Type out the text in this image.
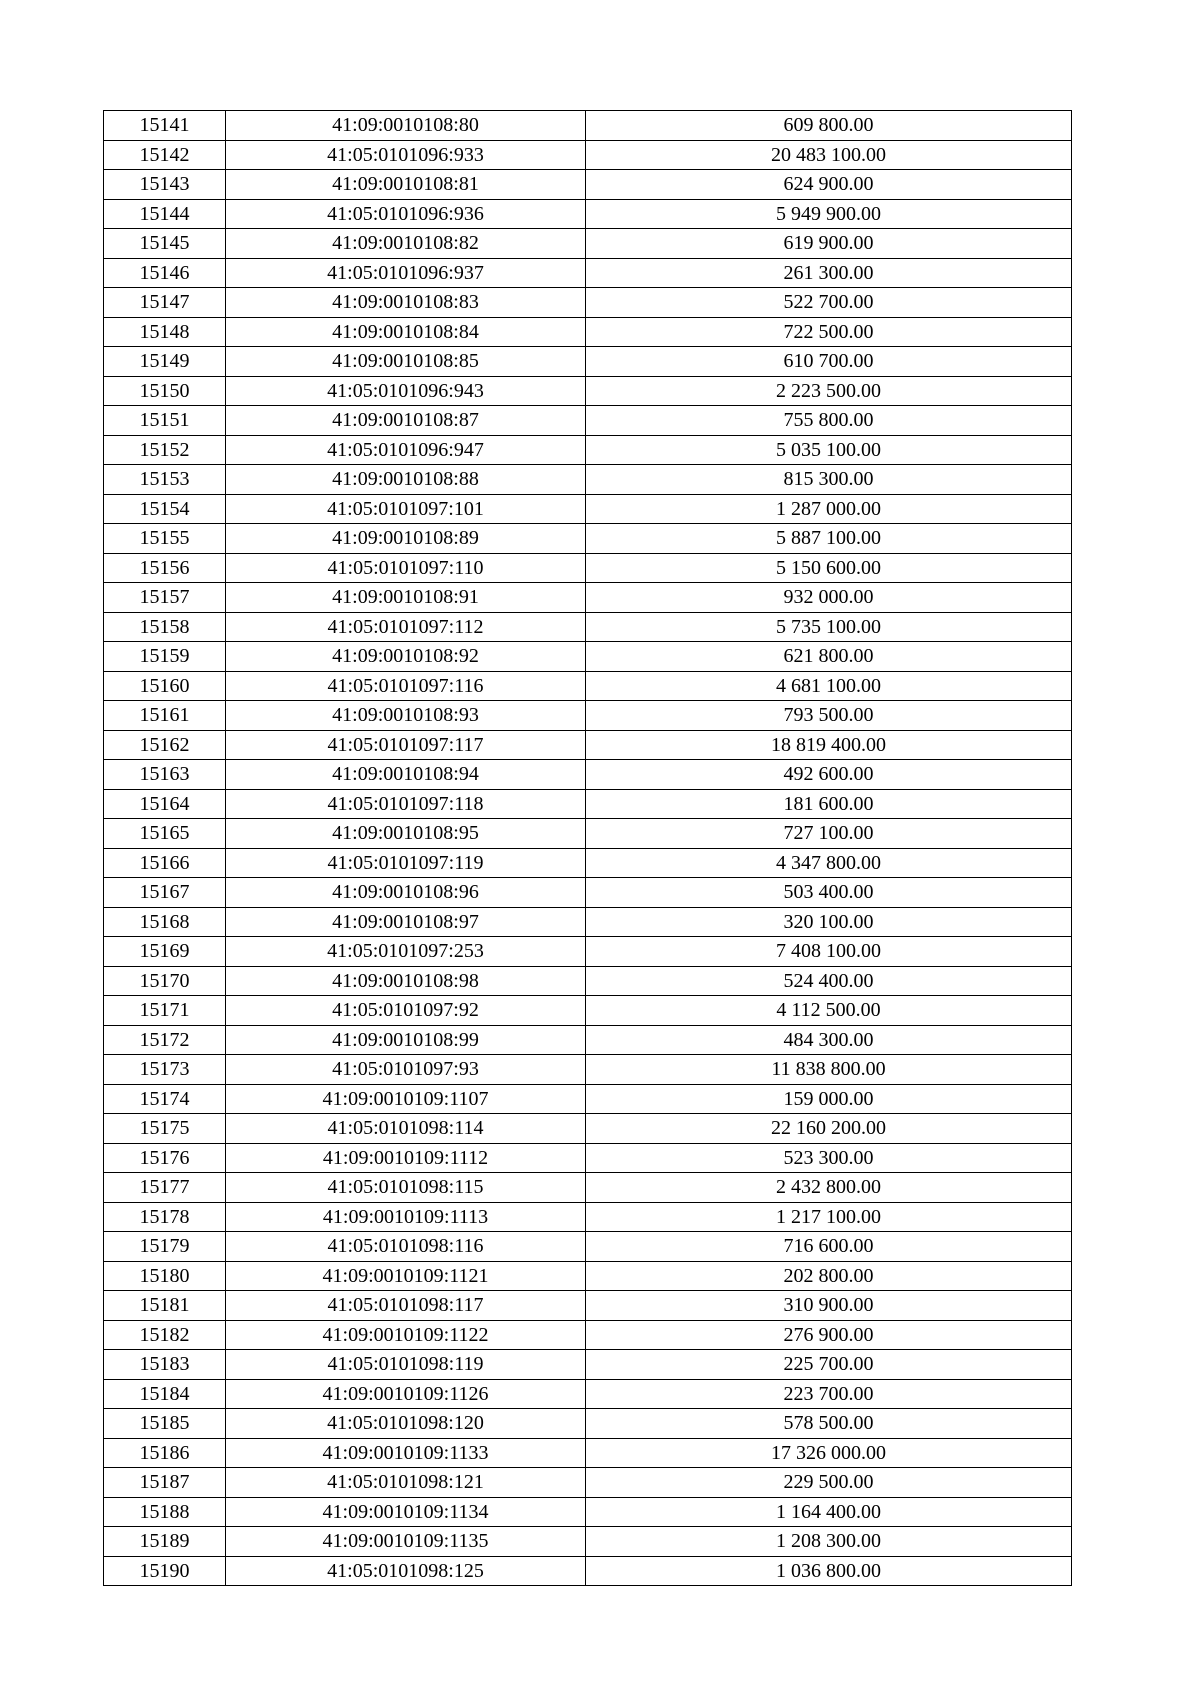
15141	41:09:0010108:80	609 800.00
15142	41:05:0101096:933	20 483 100.00
15143	41:09:0010108:81	624 900.00
15144	41:05:0101096:936	5 949 900.00
15145	41:09:0010108:82	619 900.00
15146	41:05:0101096:937	261 300.00
15147	41:09:0010108:83	522 700.00
15148	41:09:0010108:84	722 500.00
15149	41:09:0010108:85	610 700.00
15150	41:05:0101096:943	2 223 500.00
15151	41:09:0010108:87	755 800.00
15152	41:05:0101096:947	5 035 100.00
15153	41:09:0010108:88	815 300.00
15154	41:05:0101097:101	1 287 000.00
15155	41:09:0010108:89	5 887 100.00
15156	41:05:0101097:110	5 150 600.00
15157	41:09:0010108:91	932 000.00
15158	41:05:0101097:112	5 735 100.00
15159	41:09:0010108:92	621 800.00
15160	41:05:0101097:116	4 681 100.00
15161	41:09:0010108:93	793 500.00
15162	41:05:0101097:117	18 819 400.00
15163	41:09:0010108:94	492 600.00
15164	41:05:0101097:118	181 600.00
15165	41:09:0010108:95	727 100.00
15166	41:05:0101097:119	4 347 800.00
15167	41:09:0010108:96	503 400.00
15168	41:09:0010108:97	320 100.00
15169	41:05:0101097:253	7 408 100.00
15170	41:09:0010108:98	524 400.00
15171	41:05:0101097:92	4 112 500.00
15172	41:09:0010108:99	484 300.00
15173	41:05:0101097:93	11 838 800.00
15174	41:09:0010109:1107	159 000.00
15175	41:05:0101098:114	22 160 200.00
15176	41:09:0010109:1112	523 300.00
15177	41:05:0101098:115	2 432 800.00
15178	41:09:0010109:1113	1 217 100.00
15179	41:05:0101098:116	716 600.00
15180	41:09:0010109:1121	202 800.00
15181	41:05:0101098:117	310 900.00
15182	41:09:0010109:1122	276 900.00
15183	41:05:0101098:119	225 700.00
15184	41:09:0010109:1126	223 700.00
15185	41:05:0101098:120	578 500.00
15186	41:09:0010109:1133	17 326 000.00
15187	41:05:0101098:121	229 500.00
15188	41:09:0010109:1134	1 164 400.00
15189	41:09:0010109:1135	1 208 300.00
15190	41:05:0101098:125	1 036 800.00
